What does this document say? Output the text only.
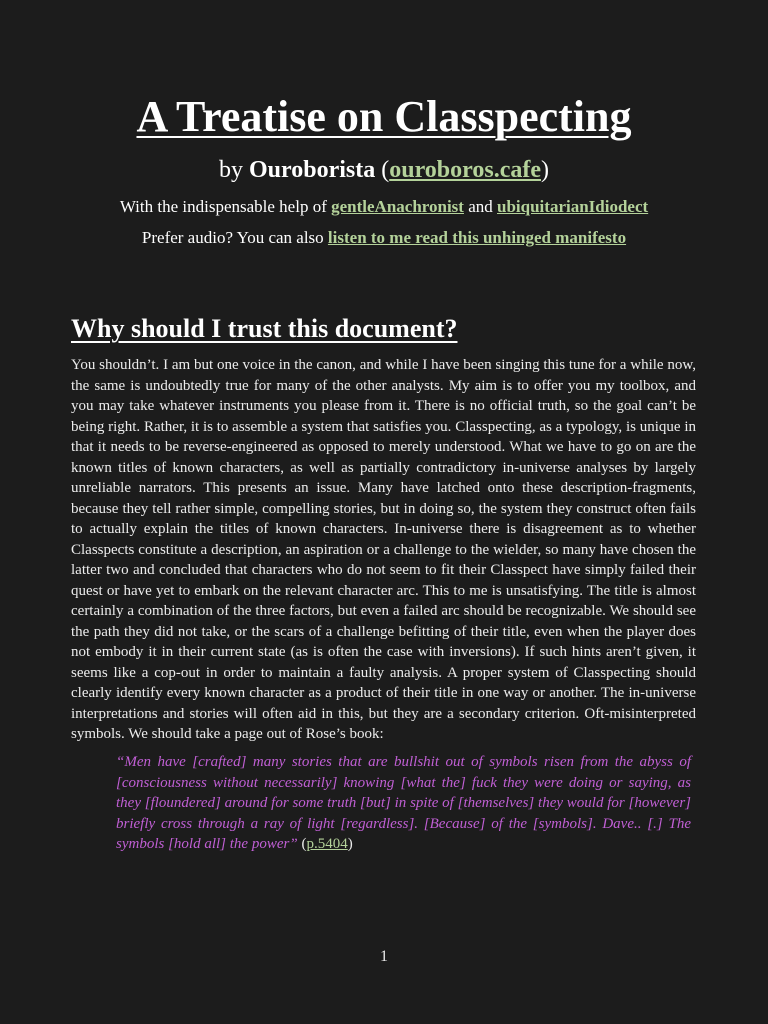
A Treatise on Classpecting
by Ouroborista (ouroboros.cafe)
With the indispensable help of gentleAnachronist and ubiquitarianIdiodect
Prefer audio? You can also listen to me read this unhinged manifesto
Why should I trust this document?

You shouldn’t. I am but one voice in the canon, and while I have been singing this tune for a while now, the same is undoubtedly true for many of the other analysts. My aim is to offer you my toolbox, and you may take whatever instruments you please from it. There is no official truth, so the goal can’t be being right. Rather, it is to assemble a system that satisfies you. Classpecting, as a typology, is unique in that it needs to be reverse-engineered as opposed to merely understood. What we have to go on are the known titles of known characters, as well as partially contradictory in-universe analyses by largely unreliable narrators. This presents an issue. Many have latched onto these description-fragments, because they tell rather simple, compelling stories, but in doing so, the system they construct often fails to actually explain the titles of known characters. In-universe there is disagreement as to whether Classpects constitute a description, an aspiration or a challenge to the wielder, so many have chosen the latter two and concluded that characters who do not seem to fit their Classpect have simply failed their quest or have yet to embark on the relevant character arc. This to me is unsatisfying. The title is almost certainly a combination of the three factors, but even a failed arc should be recognizable. We should see the path they did not take, or the scars of a challenge befitting of their title, even when the player does not embody it in their current state (as is often the case with inversions). If such hints aren’t given, it seems like a cop-out in order to maintain a faulty analysis. A proper system of Classpecting should clearly identify every known character as a product of their title in one way or another. The in-universe interpretations and stories will often aid in this, but they are a secondary criterion. Oft-misinterpreted symbols. We should take a page out of Rose’s book:

“Men have [crafted] many stories that are bullshit out of symbols risen from the abyss of [consciousness without necessarily] knowing [what the] fuck they were doing or saying, as they [floundered] around for some truth [but] in spite of [themselves] they would for [however] briefly cross through a ray of light [regardless]. [Because] of the [symbols]. Dave.. [.] The symbols [hold all] the power” (p.5404)

1
